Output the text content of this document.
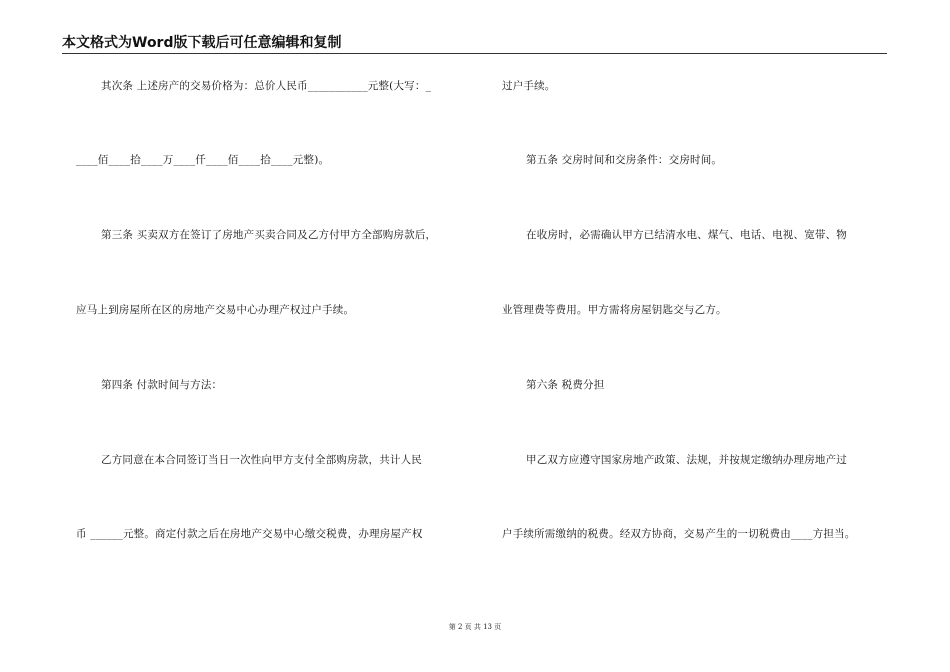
本文格式为Word版下载后可任意编辑和复制
其次条 上述房产的交易价格为：总价人民币___________元整(大写：_
____佰____拾____万____仟____佰____拾____元整)。
第三条 买卖双方在签订了房地产买卖合同及乙方付甲方全部购房款后，
应马上到房屋所在区的房地产交易中心办理产权过户手续。
第四条 付款时间与方法：
乙方同意在本合同签订当日一次性向甲方支付全部购房款，共计人民
币 ______元整。商定付款之后在房地产交易中心缴交税费，办理房屋产权
过户手续。
第五条 交房时间和交房条件：交房时间。
在收房时，必需确认甲方已结清水电、煤气、电话、电视、宽带、物
业管理费等费用。甲方需将房屋钥匙交与乙方。
第六条 税费分担
甲乙双方应遵守国家房地产政策、法规，并按规定缴纳办理房地产过
户手续所需缴纳的税费。经双方协商，交易产生的一切税费由____方担当。
第 2 页 共 13 页
